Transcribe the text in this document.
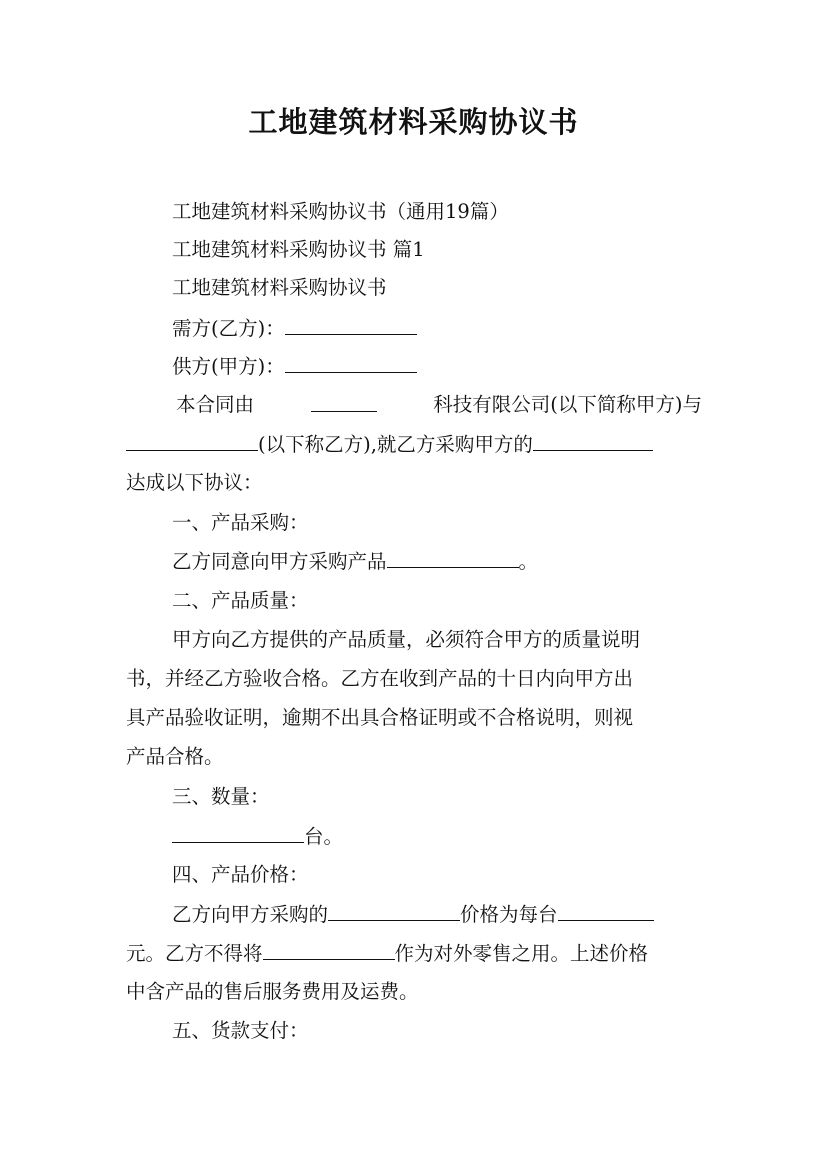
工地建筑材料采购协议书
工地建筑材料采购协议书（通用19篇）
工地建筑材料采购协议书 篇1
工地建筑材料采购协议书
需方(乙方)：
供方(甲方)：
本合同由	科技有限公司(以下简称甲方)与
(以下称乙方),就乙方采购甲方的
达成以下协议：
一、产品采购：
乙方同意向甲方采购产品	。
二、产品质量：
甲方向乙方提供的产品质量，必须符合甲方的质量说明
书，并经乙方验收合格。乙方在收到产品的十日内向甲方出
具产品验收证明，逾期不出具合格证明或不合格说明，则视
产品合格。
三、数量：
台。
四、产品价格：
乙方向甲方采购的	价格为每台
元。乙方不得将	作为对外零售之用。上述价格
中含产品的售后服务费用及运费。
五、货款支付：
